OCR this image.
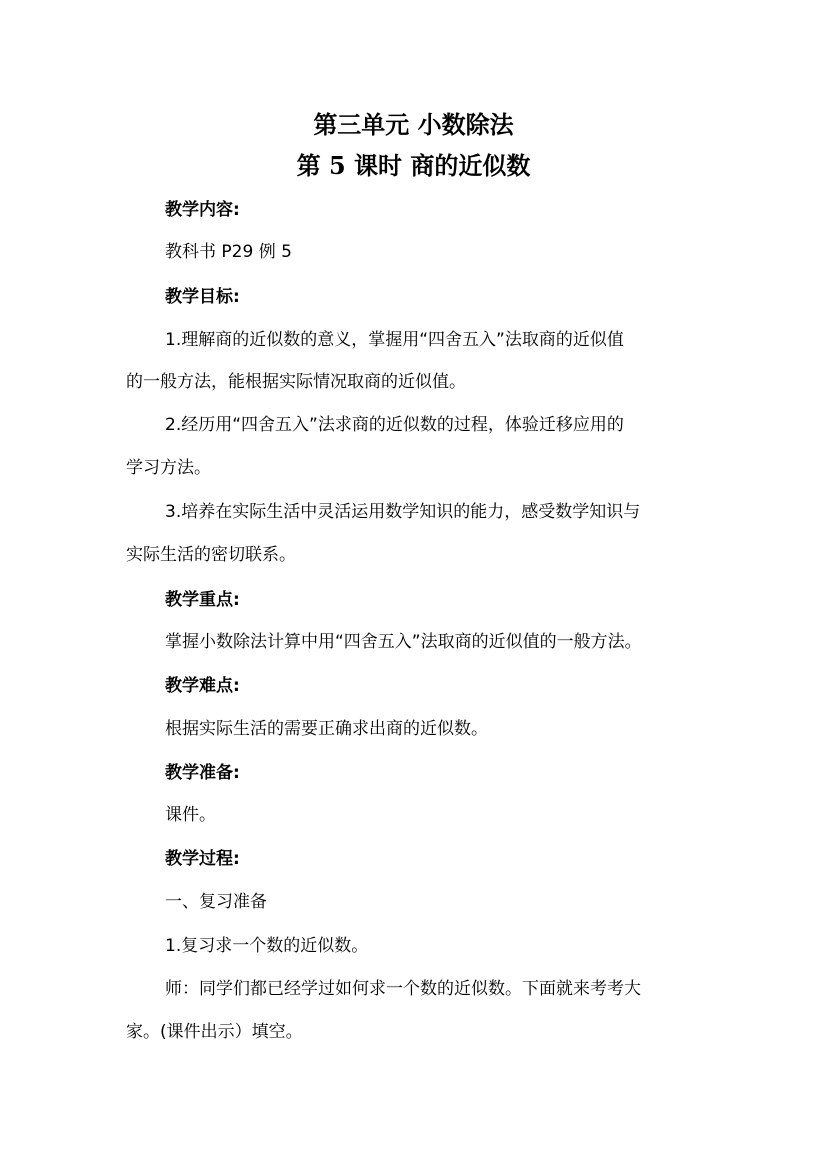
第三单元 小数除法
第 5 课时 商的近似数
教学内容:
教科书 P29 例 5
教学目标:
1.理解商的近似数的意义，掌握用“四舍五入”法取商的近似值
的一般方法，能根据实际情况取商的近似值。
2.经历用“四舍五入”法求商的近似数的过程，体验迁移应用的
学习方法。
3.培养在实际生活中灵活运用数学知识的能力，感受数学知识与
实际生活的密切联系。
教学重点:
掌握小数除法计算中用“四舍五入”法取商的近似值的一般方法。
教学难点:
根据实际生活的需要正确求出商的近似数。
教学准备:
课件。
教学过程:
一、复习准备
1.复习求一个数的近似数。
师：同学们都已经学过如何求一个数的近似数。下面就来考考大
家。(课件出示）填空。
